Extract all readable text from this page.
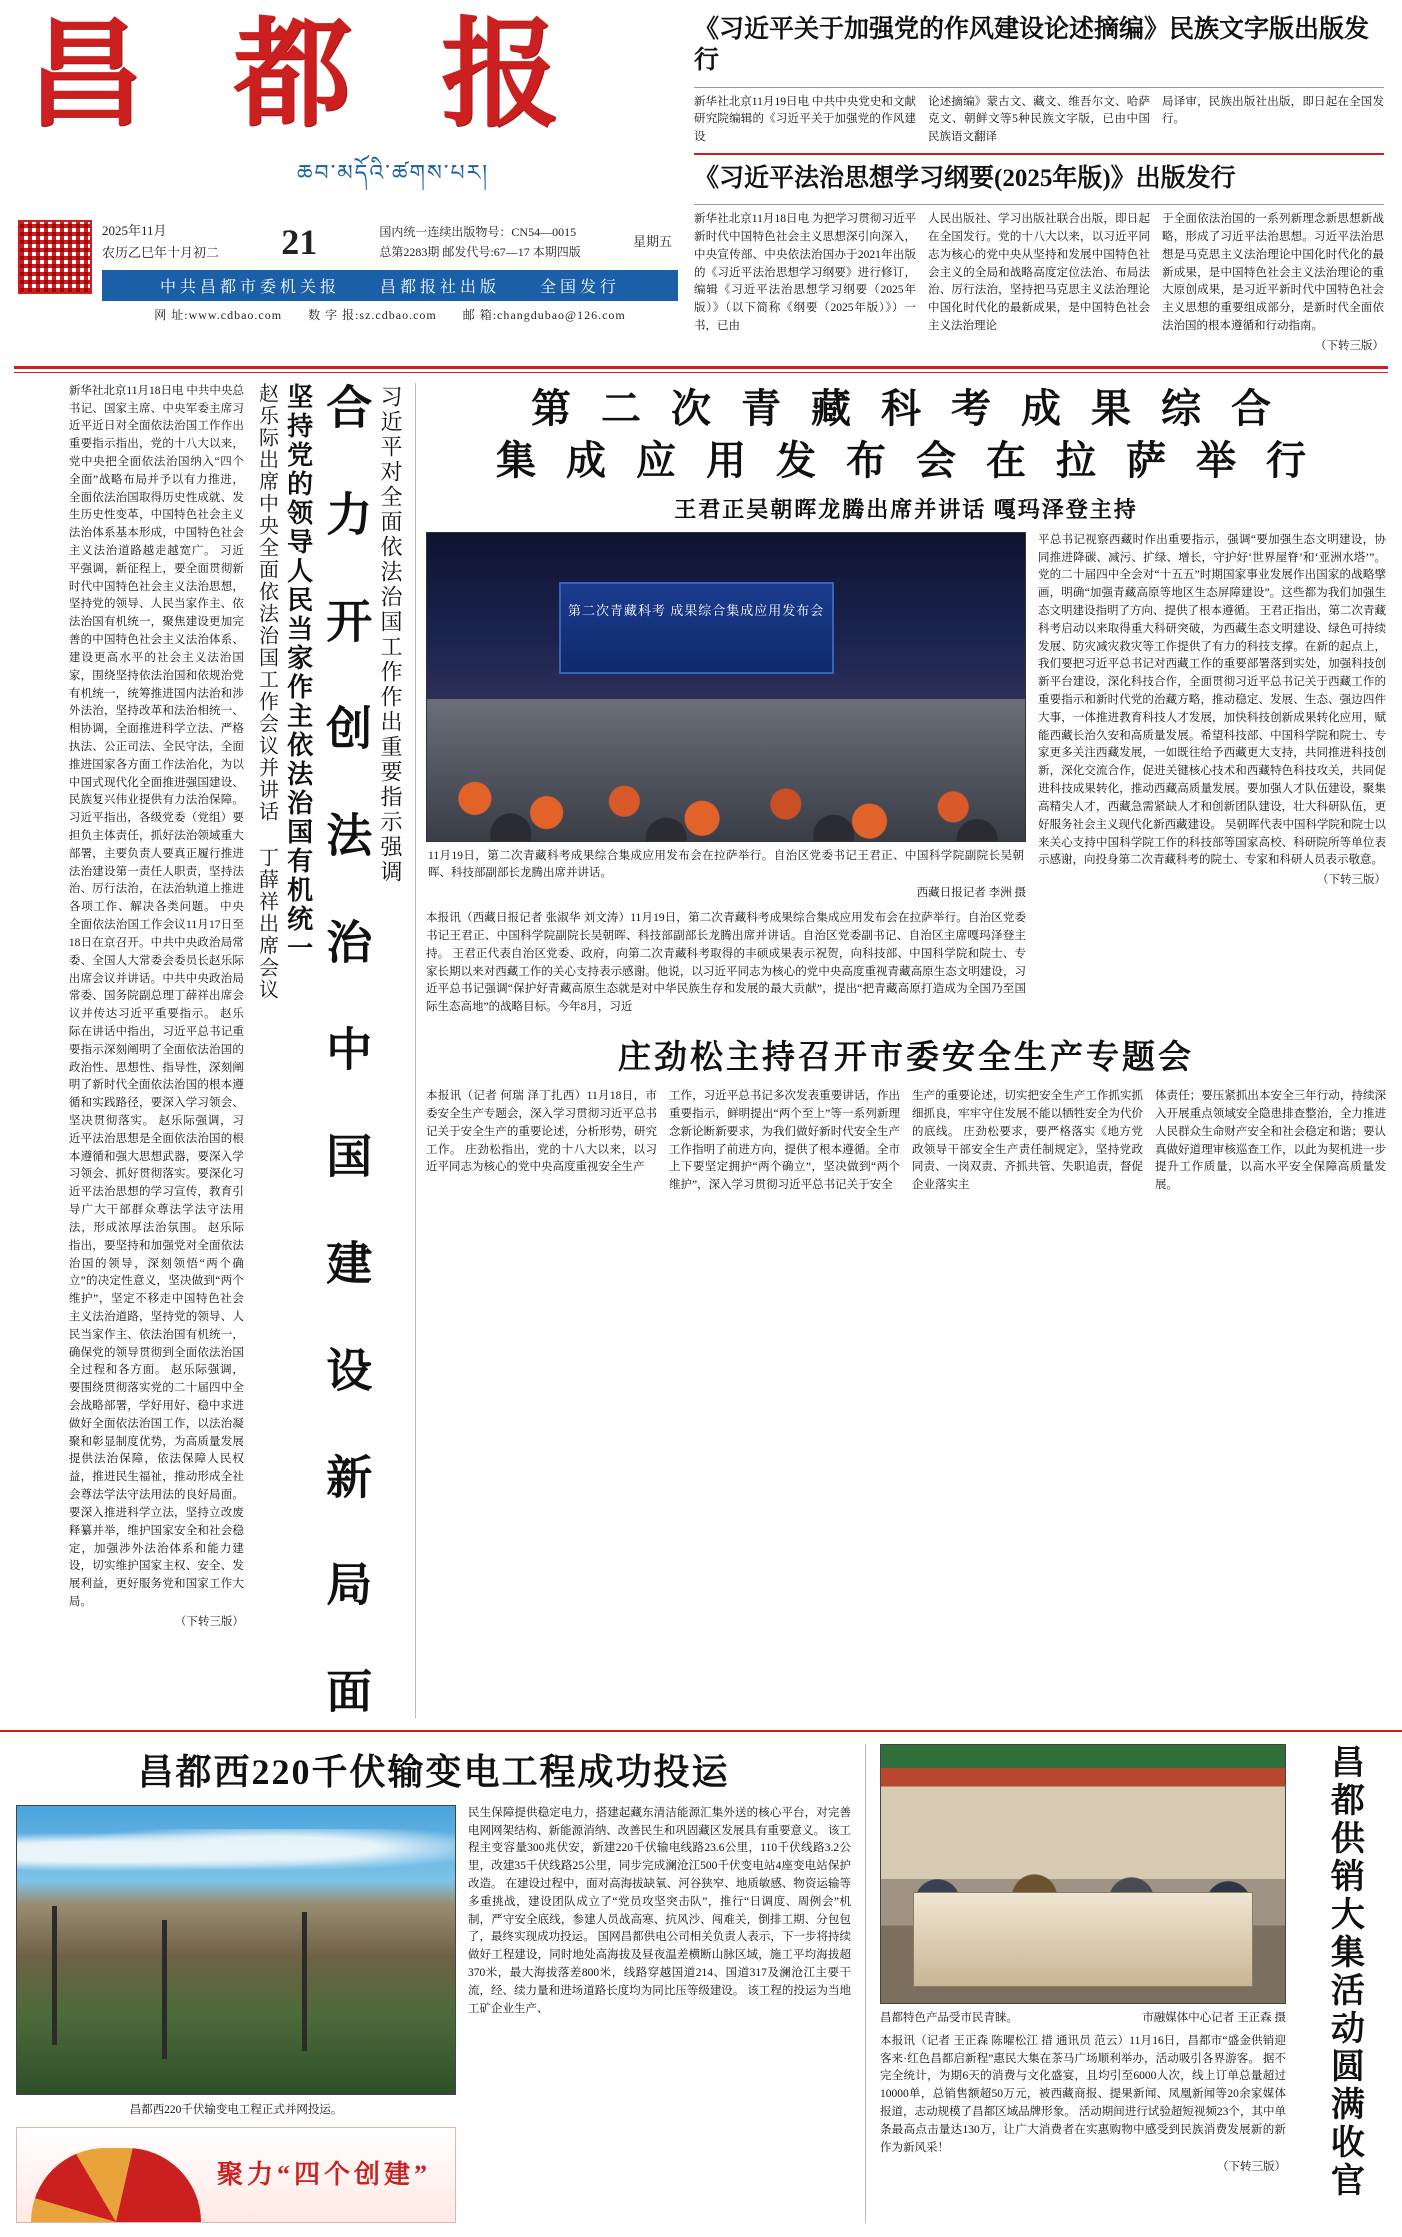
昌 都 报
ཆབ་མདོའི་ཚགས་པར།
2025年11月
农历乙巳年十月初二 21	国内统一连续出版物号：CN54—0015
总第2283期 邮发代号:67—17 本期四版
星期五
中共昌都市委机关报　　昌都报社出版　　全国发行
网 址:www.cdbao.com　　数 字 报:sz.cdbao.com　　邮 箱:changdubao@126.com
《习近平关于加强党的作风建设论述摘编》民族文字版出版发行
新华社北京11月19日电 中共中央党史和文献研究院编辑的《习近平关于加强党的作风建设
论述摘编》蒙古文、藏文、维吾尔文、哈萨克文、朝鲜文等5种民族文字版，已由中国民族语文翻译
局译审，民族出版社出版，即日起在全国发行。
《习近平法治思想学习纲要(2025年版)》出版发行
新华社北京11月18日电 为把学习贯彻习近平新时代中国特色社会主义思想深引向深入，中央宣传部、中央依法治国办于2021年出版的《习近平法治思想学习纲要》进行修订，编辑《习近平法治思想学习纲要（2025年版）》（以下简称《纲要（2025年版）》）一书，已由
人民出版社、学习出版社联合出版，即日起在全国发行。党的十八大以来，以习近平同志为核心的党中央从坚持和发展中国特色社会主义的全局和战略高度定位法治、布局法治、厉行法治，坚持把马克思主义法治理论中国化时代化的最新成果，是中国特色社会主义法治理论
于全面依法治国的一系列新理念新思想新战略，形成了习近平法治思想。习近平法治思想是马克思主义法治理论中国化时代化的最新成果，是中国特色社会主义法治理论的重大原创成果，是习近平新时代中国特色社会主义思想的重要组成部分，是新时代全面依法治国的根本遵循和行动指南。
（下转三版）
习近平对全面依法治国工作作出重要指示强调
合 力 开 创 法 治 中 国 建 设 新 局 面
坚持党的领导人民当家作主依法治国有机统一
赵乐际出席中央全面依法治国工作会议并讲话 丁薛祥出席会议
新华社北京11月18日电 中共中央总书记、国家主席、中央军委主席习近平近日对全面依法治国工作作出重要指示指出，党的十八大以来，党中央把全面依法治国纳入“四个全面”战略布局并予以有力推进，全面依法治国取得历史性成就、发生历史性变革，中国特色社会主义法治体系基本形成，中国特色社会主义法治道路越走越宽广。 习近平强调，新征程上，要全面贯彻新时代中国特色社会主义法治思想，坚持党的领导、人民当家作主、依法治国有机统一，聚焦建设更加完善的中国特色社会主义法治体系、建设更高水平的社会主义法治国家，围绕坚持依法治国和依规治党有机统一，统筹推进国内法治和涉外法治，坚持改革和法治相统一、相协调，全面推进科学立法、严格执法、公正司法、全民守法，全面推进国家各方面工作法治化，为以中国式现代化全面推进强国建设、民族复兴伟业提供有力法治保障。 习近平指出，各级党委（党组）要担负主体责任，抓好法治领域重大部署，主要负责人要真正履行推进法治建设第一责任人职责，坚持法治、厉行法治，在法治轨道上推进各项工作、解决各类问题。 中央全面依法治国工作会议11月17日至18日在京召开。中共中央政治局常委、全国人大常委会委员长赵乐际出席会议并讲话。中共中央政治局常委、国务院副总理丁薛祥出席会议并传达习近平重要指示。 赵乐际在讲话中指出，习近平总书记重要指示深刻阐明了全面依法治国的政治性、思想性、指导性，深刻阐明了新时代全面依法治国的根本遵循和实践路径，要深入学习领会、坚决贯彻落实。 赵乐际强调，习近平法治思想是全面依法治国的根本遵循和强大思想武器，要深入学习领会、抓好贯彻落实。要深化习近平法治思想的学习宣传，教育引导广大干部群众尊法学法守法用法，形成浓厚法治氛围。 赵乐际指出，要坚持和加强党对全面依法治国的领导，深刻领悟“两个确立”的决定性意义，坚决做到“两个维护”，坚定不移走中国特色社会主义法治道路，坚持党的领导、人民当家作主、依法治国有机统一，确保党的领导贯彻到全面依法治国全过程和各方面。 赵乐际强调，要围绕贯彻落实党的二十届四中全会战略部署，学好用好、稳中求进做好全面依法治国工作，以法治凝聚和彰显制度优势，为高质量发展提供法治保障，依法保障人民权益，推进民生福祉，推动形成全社会尊法学法守法用法的良好局面。 要深入推进科学立法，坚持立改废释纂并举，维护国家安全和社会稳定，加强涉外法治体系和能力建设，切实维护国家主权、安全、发展利益，更好服务党和国家工作大局。
（下转三版）
第 二 次 青 藏 科 考 成 果 综 合
集 成 应 用 发 布 会 在 拉 萨 举 行
王君正吴朝晖龙腾出席并讲话 嘎玛泽登主持
第二次青藏科考 成果综合集成应用发布会
11月19日，第二次青藏科考成果综合集成应用发布会在拉萨举行。自治区党委书记王君正、中国科学院副院长吴朝晖、科技部副部长龙腾出席并讲话。
西藏日报记者 李洲 摄
本报讯（西藏日报记者 张淑华 刘文涛）11月19日，第二次青藏科考成果综合集成应用发布会在拉萨举行。自治区党委书记王君正、中国科学院副院长吴朝晖、科技部副部长龙腾出席并讲话。自治区党委副书记、自治区主席嘎玛泽登主持。 王君正代表自治区党委、政府，向第二次青藏科考取得的丰硕成果表示祝贺，向科技部、中国科学院和院士、专家长期以来对西藏工作的关心支持表示感谢。他说，以习近平同志为核心的党中央高度重视青藏高原生态文明建设，习近平总书记强调“保护好青藏高原生态就是对中华民族生存和发展的最大贡献”，提出“把青藏高原打造成为全国乃至国际生态高地”的战略目标。今年8月，习近
平总书记视察西藏时作出重要指示，强调“要加强生态文明建设，协同推进降碳、减污、扩绿、增长，守护好‘世界屋脊’和‘亚洲水塔’”。党的二十届四中全会对“十五五”时期国家事业发展作出国家的战略擘画，明确“加强青藏高原等地区生态屏障建设”。这些都为我们加强生态文明建设指明了方向、提供了根本遵循。 王君正指出，第二次青藏科考启动以来取得重大科研突破，为西藏生态文明建设、绿色可持续发展、防灾减灾救灾等工作提供了有力的科技支撑。在新的起点上，我们要把习近平总书记对西藏工作的重要部署落到实处，加强科技创新平台建设，深化科技合作，全面贯彻习近平总书记关于西藏工作的重要指示和新时代党的治藏方略，推动稳定、发展、生态、强边四件大事，一体推进教育科技人才发展，加快科技创新成果转化应用，赋能西藏长治久安和高质量发展。希望科技部、中国科学院和院士、专家更多关注西藏发展，一如既往给予西藏更大支持，共同推进科技创新，深化交流合作，促进关键核心技术和西藏特色科技攻关，共同促进科技成果转化，推动西藏高质量发展。要加强人才队伍建设，聚集高精尖人才，西藏急需紧缺人才和创新团队建设，壮大科研队伍，更好服务社会主义现代化新西藏建设。 吴朝晖代表中国科学院和院士以来关心支持中国科学院工作的科技部等国家高校、科研院所等单位表示感谢，向投身第二次青藏科考的院士、专家和科研人员表示敬意。
（下转三版）
庄劲松主持召开市委安全生产专题会
本报讯（记者 何瑞 泽丁扎西）11月18日，市委安全生产专题会，深入学习贯彻习近平总书记关于安全生产的重要论述，分析形势，研究工作。 庄劲松指出，党的十八大以来，以习近平同志为核心的党中央高度重视安全生产
工作，习近平总书记多次发表重要讲话，作出重要指示，鲜明提出“两个至上”等一系列新理念新论断新要求，为我们做好新时代安全生产工作指明了前进方向，提供了根本遵循。全市上下要坚定拥护“两个确立”，坚决做到“两个维护”，深入学习贯彻习近平总书记关于安全
生产的重要论述，切实把安全生产工作抓实抓细抓良，牢牢守住发展不能以牺牲安全为代价的底线。 庄劲松要求，要严格落实《地方党政领导干部安全生产责任制规定》，坚持党政同责、一岗双责、齐抓共管、失职追责，督促企业落实主
体责任；要压紧抓出本安全三年行动，持续深入开展重点领域安全隐患排查整治，全力推进人民群众生命财产安全和社会稳定和谐；要认真做好道理审核巡查工作，以此为契机进一步提升工作质量，以高水平安全保障高质量发展。
昌都西220千伏输变电工程成功投运
昌都西220千伏输变电工程正式并网投运。
聚力“四个创建”
民生保障提供稳定电力，搭建起藏东清洁能源汇集外送的核心平台，对完善电网网架结构、新能源消纳、改善民生和巩固藏区发展具有重要意义。 该工程主变容量300兆伏安，新建220千伏输电线路23.6公里，110千伏线路3.2公里，改建35千伏线路25公里，同步完成澜沧江500千伏变电站4座变电站保护改造。 在建设过程中，面对高海拔缺氧、河谷狭窄、地质敏感、物资运输等多重挑战，建设团队成立了“党员攻坚突击队”，推行“日调度、周例会”机制，严守安全底线，参建人员战高寒、抗风沙、闯难关，倒排工期、分包包了，最终实现成功投运。 国网昌都供电公司相关负责人表示，下一步将持续做好工程建设，同时地处高海拔及昼夜温差横断山脉区域，施工平均海拔超370米，最大海拔落差800米，线路穿越国道214、国道317及澜沧江主要干流，经、续力量和进场道路长度均为同比压等级建设。 该工程的投运为当地工矿企业生产、
昌都特色产品受市民青睐。	市融媒体中心记者 王正森 摄
本报讯（记者 王正森 陈曜松江 措 通讯员 范云）11月16日，昌都市“盛金供销迎客来·红色昌都启新程”惠民大集在茶马广场顺利举办，活动吸引各界游客。 据不完全统计，为期6天的消费与文化盛宴，且均引至6000人次，线上订单总量超过10000单，总销售额超50万元，被西藏商报、提果新闻、凤凰新闻等20余家媒体报道，志动规模了昌都区域品牌形象。 活动期间进行试验超短视频23个，其中单条最高点击量达130万，让广大消费者在实惠购物中感受到民族消费发展新的新作为新风采！
（下转三版） 昌都供销大集活动圆满收官
